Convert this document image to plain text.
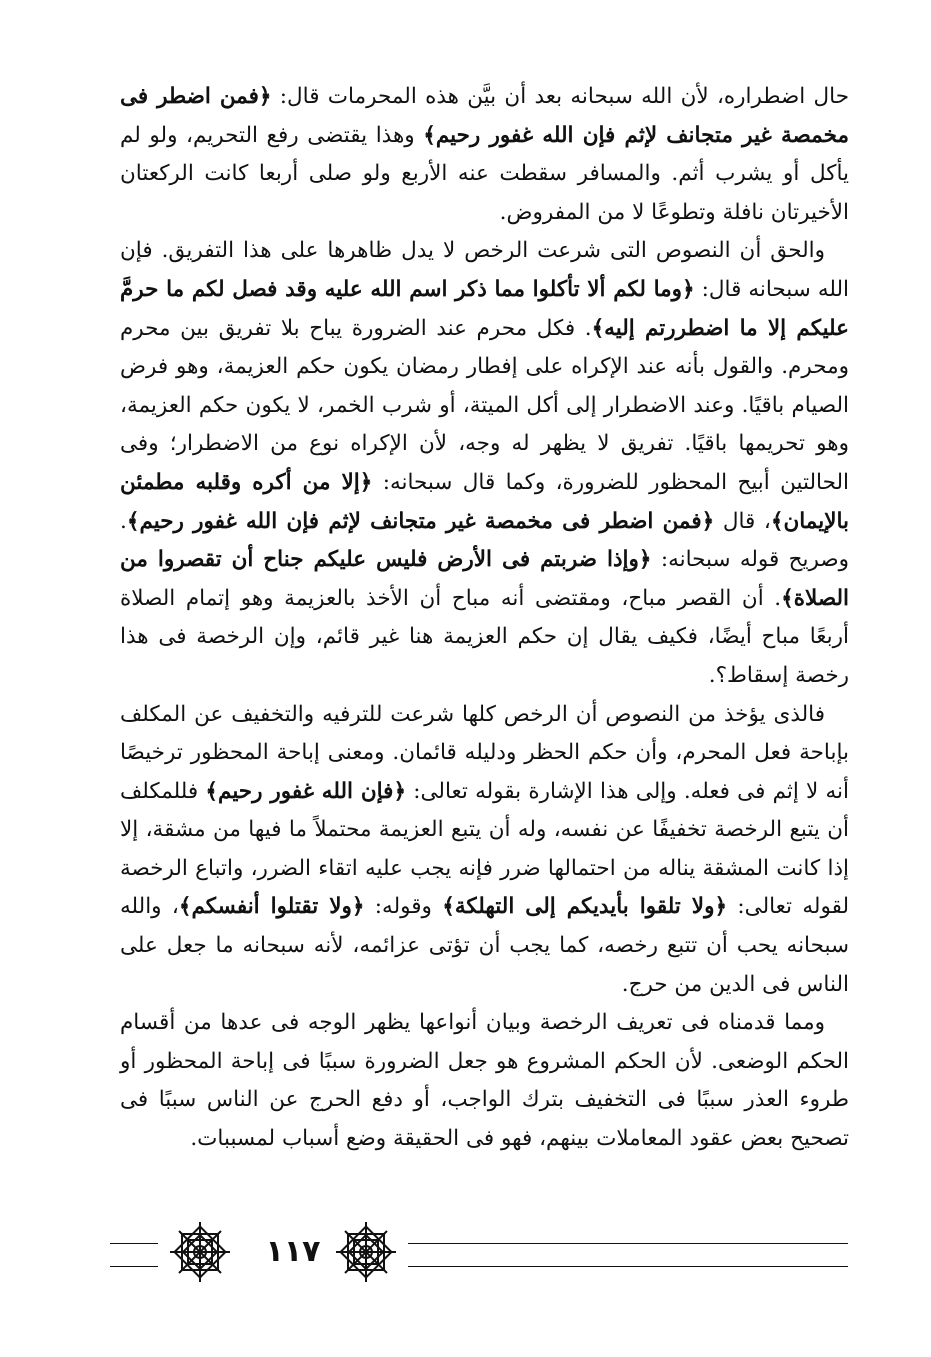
حال اضطراره، لأن الله سبحانه بعد أن بيَّن هذه المحرمات قال: ﴿فمن اضطر فى مخمصة غير متجانف لإثم فإن الله غفور رحيم﴾ وهذا يقتضى رفع التحريم، ولو لم يأكل أو يشرب أثم. والمسافر سقطت عنه الأربع ولو صلى أربعا كانت الركعتان الأخيرتان نافلة وتطوعًا لا من المفروض.

والحق أن النصوص التى شرعت الرخص لا يدل ظاهرها على هذا التفريق. فإن الله سبحانه قال: ﴿وما لكم ألا تأكلوا مما ذكر اسم الله عليه وقد فصل لكم ما حرمَّ عليكم إلا ما اضطررتم إليه﴾. فكل محرم عند الضرورة يباح بلا تفريق بين محرم ومحرم. والقول بأنه عند الإكراه على إفطار رمضان يكون حكم العزيمة، وهو فرض الصيام باقيًا. وعند الاضطرار إلى أكل الميتة، أو شرب الخمر، لا يكون حكم العزيمة، وهو تحريمها باقيًا. تفريق لا يظهر له وجه، لأن الإكراه نوع من الاضطرار؛ وفى الحالتين أبيح المحظور للضرورة، وكما قال سبحانه: ﴿إلا من أكره وقلبه مطمئن بالإيمان﴾، قال ﴿فمن اضطر فى مخمصة غير متجانف لإثم فإن الله غفور رحيم﴾. وصريح قوله سبحانه: ﴿وإذا ضربتم فى الأرض فليس عليكم جناح أن تقصروا من الصلاة﴾. أن القصر مباح، ومقتضى أنه مباح أن الأخذ بالعزيمة وهو إتمام الصلاة أربعًا مباح أيضًا، فكيف يقال إن حكم العزيمة هنا غير قائم، وإن الرخصة فى هذا رخصة إسقاط؟.

فالذى يؤخذ من النصوص أن الرخص كلها شرعت للترفيه والتخفيف عن المكلف بإباحة فعل المحرم، وأن حكم الحظر ودليله قائمان. ومعنى إباحة المحظور ترخيصًا أنه لا إثم فى فعله. وإلى هذا الإشارة بقوله تعالى: ﴿فإن الله غفور رحيم﴾ فللمكلف أن يتبع الرخصة تخفيفًا عن نفسه، وله أن يتبع العزيمة محتملاً ما فيها من مشقة، إلا إذا كانت المشقة يناله من احتمالها ضرر فإنه يجب عليه اتقاء الضرر، واتباع الرخصة لقوله تعالى: ﴿ولا تلقوا بأيديكم إلى التهلكة﴾ وقوله: ﴿ولا تقتلوا أنفسكم﴾، والله سبحانه يحب أن تتبع رخصه، كما يجب أن تؤتى عزائمه، لأنه سبحانه ما جعل على الناس فى الدين من حرج.

ومما قدمناه فى تعريف الرخصة وبيان أنواعها يظهر الوجه فى عدها من أقسام الحكم الوضعى. لأن الحكم المشروع هو جعل الضرورة سببًا فى إباحة المحظور أو طروء العذر سببًا فى التخفيف بترك الواجب، أو دفع الحرج عن الناس سببًا فى تصحيح بعض عقود المعاملات بينهم، فهو فى الحقيقة وضع أسباب لمسببات.

١١٧
